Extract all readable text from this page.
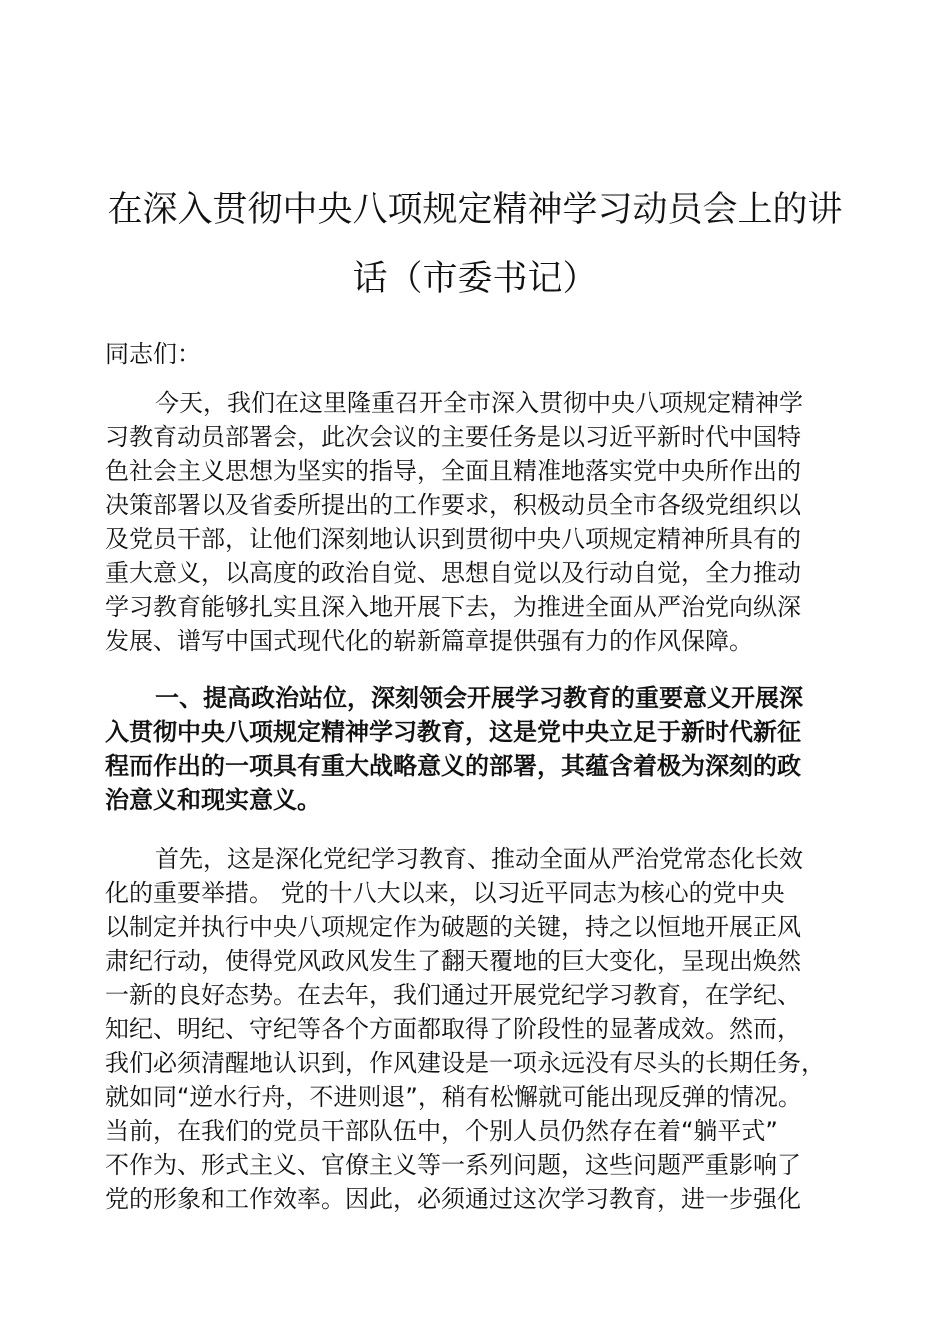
在深入贯彻中央八项规定精神学习动员会上的讲
话（市委书记）

同志们：

今天，我们在这里隆重召开全市深入贯彻中央八项规定精神学
习教育动员部署会，此次会议的主要任务是以习近平新时代中国特
色社会主义思想为坚实的指导，全面且精准地落实党中央所作出的
决策部署以及省委所提出的工作要求，积极动员全市各级党组织以
及党员干部，让他们深刻地认识到贯彻中央八项规定精神所具有的
重大意义，以高度的政治自觉、思想自觉以及行动自觉，全力推动
学习教育能够扎实且深入地开展下去，为推进全面从严治党向纵深
发展、谱写中国式现代化的崭新篇章提供强有力的作风保障。
一、提高政治站位，深刻领会开展学习教育的重要意义开展深
入贯彻中央八项规定精神学习教育，这是党中央立足于新时代新征
程而作出的一项具有重大战略意义的部署，其蕴含着极为深刻的政
治意义和现实意义。
首先，这是深化党纪学习教育、推动全面从严治党常态化长效
化的重要举措。 党的十八大以来，以习近平同志为核心的党中央
以制定并执行中央八项规定作为破题的关键，持之以恒地开展正风
肃纪行动，使得党风政风发生了翻天覆地的巨大变化，呈现出焕然
一新的良好态势。在去年，我们通过开展党纪学习教育，在学纪、
知纪、明纪、守纪等各个方面都取得了阶段性的显著成效。然而，
我们必须清醒地认识到，作风建设是一项永远没有尽头的长期任务，
就如同“逆水行舟，不进则退”，稍有松懈就可能出现反弹的情况。
当前，在我们的党员干部队伍中，个别人员仍然存在着“躺平式”
不作为、形式主义、官僚主义等一系列问题，这些问题严重影响了
党的形象和工作效率。因此，必须通过这次学习教育，进一步强化
